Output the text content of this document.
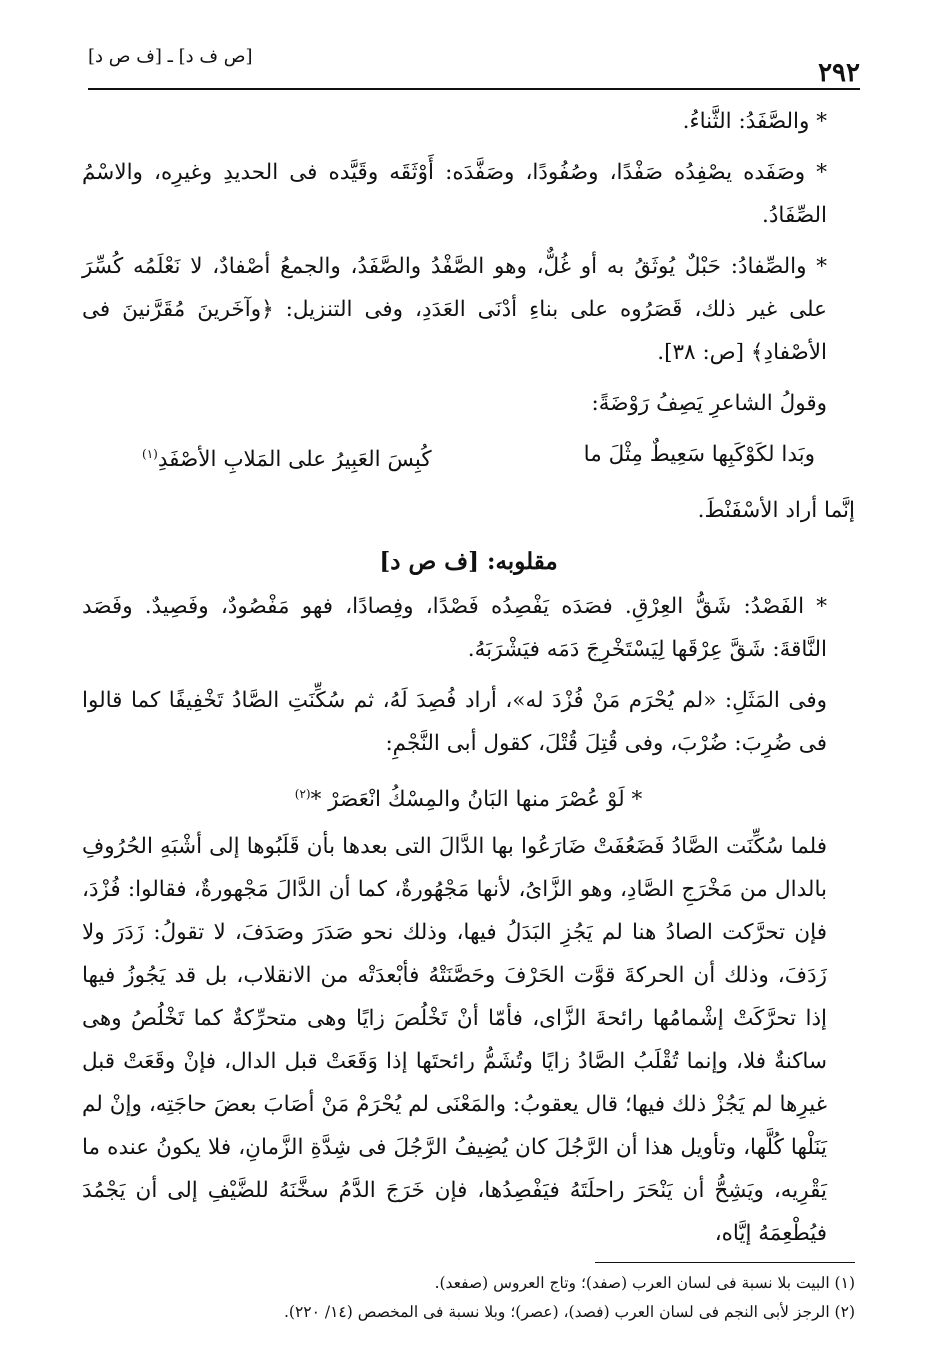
٢٩٢
[ص ف د] ـ [ف ص د]

* والصَّفَدُ: الثَّناءُ.

* وصَفَده يصْفِدُه صَفْدًا، وصُفُودًا، وصَفَّدَه: أَوْثَقَه وقَيَّده فى الحديدِ وغيرِه، والاسْمُ الصِّفَادُ.

* والصِّفادُ: حَبْلٌ يُوثَقُ به أو غُلٌّ، وهو الصَّفْدُ والصَّفَدُ، والجمعُ أصْفادٌ، لا نَعْلَمُه كُسِّرَ على غير ذلك، قَصَرُوه على بناءِ أدْنَى العَدَدِ، وفى التنزيل: ﴿وآخَرينَ مُقَرَّنينَ فى الأصْفادِ﴾ [ص: ٣٨].

وقولُ الشاعرِ يَصِفُ رَوْضَةً:

وبَدا لكَوْكَبِها سَعِيطٌ مِثْلَ ما
كُبِسَ العَبِيرُ على المَلابِ الأصْفَدِ$^{(١)}$

إنَّما أراد الأسْفَنْطَ.

مقلوبه: [ف ص د]

* الفَصْدُ: شَقُّ العِرْقِ. فصَدَه يَفْصِدُه فَصْدًا، وفِصادًا، فهو مَفْصُودٌ، وفَصِيدٌ. وفَصَد النَّاقةَ: شَقَّ عِرْقَها لِيَسْتَخْرِجَ دَمَه فيَشْرَبَهُ.

وفى المَثَلِ: «لم يُحْرَم مَنْ فُزْدَ له»، أراد فُصِدَ لَهُ، ثم سُكِّنَتِ الصَّادُ تَخْفِيفًا كما قالوا فى ضُرِبَ: ضُرْبَ، وفى قُتِلَ قُتْلَ، كقول أبى النَّجْمِ:

* لَوْ عُصْرَ منها البَانُ والمِسْكُ انْعَصَرْ *$^{(٢)}$

فلما سُكِّنَت الصَّادُ فَضَعُفَتْ ضَارَعُوا بها الدَّالَ التى بعدها بأن قَلَبُوها إلى أشْبَهِ الحُرُوفِ بالدال من مَخْرَجِ الصَّادِ، وهو الزَّاىُ، لأنها مَجْهُورةٌ، كما أن الدَّالَ مَجْهورةٌ، فقالوا: فُزْدَ، فإن تحرَّكت الصادُ هنا لم يَجُزِ البَدَلُ فيها، وذلك نحو صَدَرَ وصَدَفَ، لا تقولُ: زَدَرَ ولا زَدَفَ، وذلك أن الحركةَ قوَّت الحَرْفَ وحَصَّنَتْهُ فأبْعدَتْه من الانقلاب، بل قد يَجُوزُ فيها إذا تحرَّكَتْ إشْمامُها رائحةَ الزَّاى، فأمّا أنْ تَخْلُصَ زايًا وهى متحرِّكةٌ كما تَخْلُصُ وهى ساكنةٌ فلا، وإنما تُقْلَبُ الصَّادُ زايًا وتُشَمُّ رائحتَها إذا وَقَعَتْ قبل الدال، فإنْ وقَعَتْ قبل غيرِها لم يَجُزْ ذلك فيها؛ قال يعقوبُ: والمَعْنَى لم يُحْرَمْ مَنْ أصَابَ بعضَ حاجَتِه، وإنْ لم يَنَلْها كُلَّها، وتأويل هذا أن الرَّجُلَ كان يُضِيفُ الرَّجُلَ فى شِدَّةِ الزَّمانِ، فلا يكونُ عنده ما يَقْرِيه، ويَشِحُّ أن يَنْحَرَ راحلَتَهُ فيَفْصِدُها، فإن خَرَجَ الدَّمُ سخَّنَهُ للضَّيْفِ إلى أن يَجْمُدَ فيُطْعِمَهُ إيَّاه،

(١) البيت بلا نسبة فى لسان العرب (صفد)؛ وتاج العروس (صفعد).
(٢) الرجز لأبى النجم فى لسان العرب (فصد)، (عصر)؛ وبلا نسبة فى المخصص (١٤/ ٢٢٠).
